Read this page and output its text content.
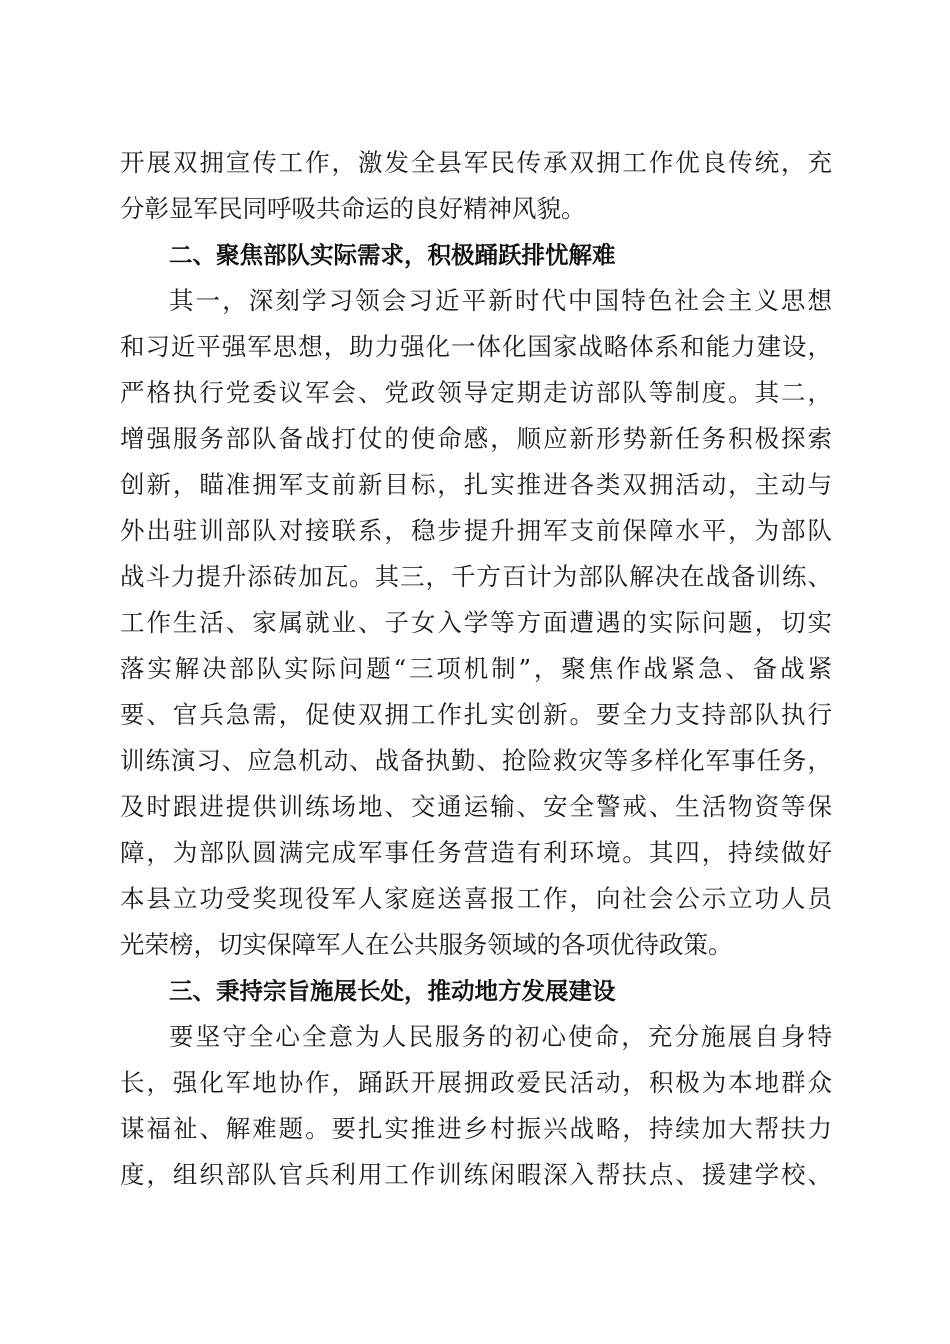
开展双拥宣传工作，激发全县军民传承双拥工作优良传统，充
分彰显军民同呼吸共命运的良好精神风貌。
二、聚焦部队实际需求，积极踊跃排忧解难
其一，深刻学习领会习近平新时代中国特色社会主义思想
和习近平强军思想，助力强化一体化国家战略体系和能力建设，
严格执行党委议军会、党政领导定期走访部队等制度。其二，
增强服务部队备战打仗的使命感，顺应新形势新任务积极探索
创新，瞄准拥军支前新目标，扎实推进各类双拥活动，主动与
外出驻训部队对接联系，稳步提升拥军支前保障水平，为部队
战斗力提升添砖加瓦。其三，千方百计为部队解决在战备训练、
工作生活、家属就业、子女入学等方面遭遇的实际问题，切实
落实解决部队实际问题“三项机制”，聚焦作战紧急、备战紧
要、官兵急需，促使双拥工作扎实创新。要全力支持部队执行
训练演习、应急机动、战备执勤、抢险救灾等多样化军事任务，
及时跟进提供训练场地、交通运输、安全警戒、生活物资等保
障，为部队圆满完成军事任务营造有利环境。其四，持续做好
本县立功受奖现役军人家庭送喜报工作，向社会公示立功人员
光荣榜，切实保障军人在公共服务领域的各项优待政策。
三、秉持宗旨施展长处，推动地方发展建设
要坚守全心全意为人民服务的初心使命，充分施展自身特
长，强化军地协作，踊跃开展拥政爱民活动，积极为本地群众
谋福祉、解难题。要扎实推进乡村振兴战略，持续加大帮扶力
度，组织部队官兵利用工作训练闲暇深入帮扶点、援建学校、
